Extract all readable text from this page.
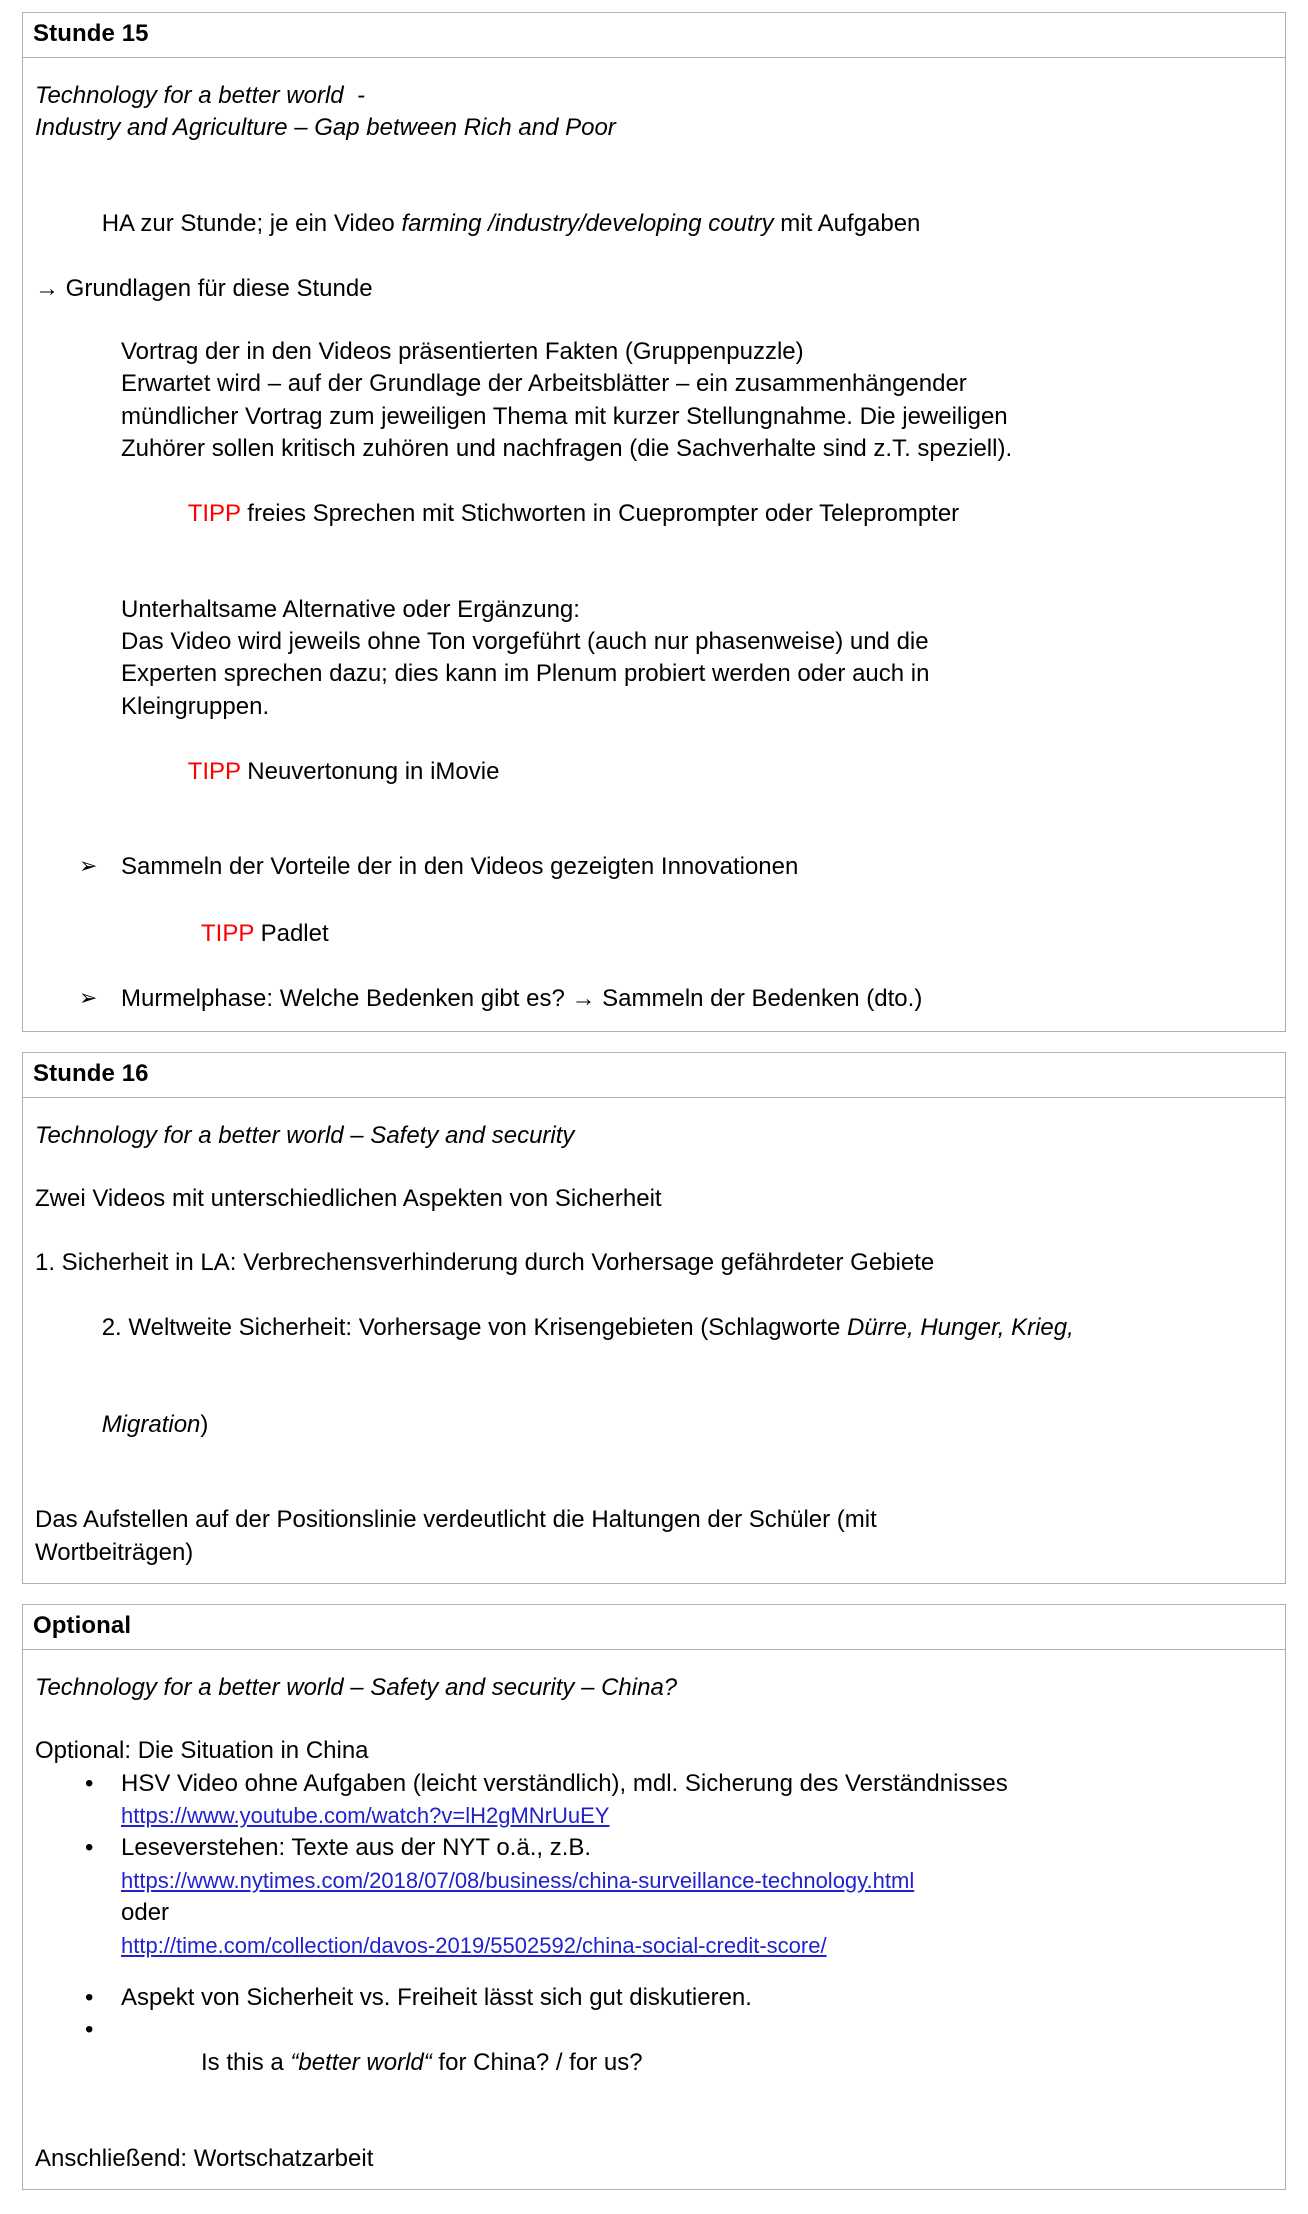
Stunde 15
Technology for a better world  -
Industry and Agriculture – Gap between Rich and Poor

HA zur Stunde; je ein Video farming /industry/developing coutry mit Aufgaben

→ Grundlagen für diese Stunde
Vortrag der in den Videos präsentierten Fakten (Gruppenpuzzle)
Erwartet wird – auf der Grundlage der Arbeitsblätter – ein zusammenhängender
mündlicher Vortrag zum jeweiligen Thema mit kurzer Stellungnahme. Die jeweiligen
Zuhörer sollen kritisch zuhören und nachfragen (die Sachverhalte sind z.T. speziell).

TIPP freies Sprechen mit Stichworten in Cueprompter oder Teleprompter

Unterhaltsame Alternative oder Ergänzung:
Das Video wird jeweils ohne Ton vorgeführt (auch nur phasenweise) und die
Experten sprechen dazu; dies kann im Plenum probiert werden oder auch in
Kleingruppen.

TIPP Neuvertonung in iMovie

➢ Sammeln der Vorteile der in den Videos gezeigten Innovationen

TIPP Padlet

➢ Murmelphase: Welche Bedenken gibt es? → Sammeln der Bedenken (dto.)
Stunde 16
Technology for a better world – Safety and security
Zwei Videos mit unterschiedlichen Aspekten von Sicherheit
1. Sicherheit in LA: Verbrechensverhinderung durch Vorhersage gefährdeter Gebiete

2. Weltweite Sicherheit: Vorhersage von Krisengebieten (Schlagworte Dürre, Hunger, Krieg,

Migration)

Das Aufstellen auf der Positionslinie verdeutlicht die Haltungen der Schüler (mit
Wortbeiträgen)
Optional
Technology for a better world – Safety and security – China?
Optional: Die Situation in China
• HSV Video ohne Aufgaben (leicht verständlich), mdl. Sicherung des Verständnisses
https://www.youtube.com/watch?v=lH2gMNrUuEY
• Leseverstehen: Texte aus der NYT o.ä., z.B.
https://www.nytimes.com/2018/07/08/business/china-surveillance-technology.html
oder
http://time.com/collection/davos-2019/5502592/china-social-credit-score/
• Aspekt von Sicherheit vs. Freiheit lässt sich gut diskutieren.
•

Is this a “better world“ for China? / for us?

Anschließend: Wortschatzarbeit
